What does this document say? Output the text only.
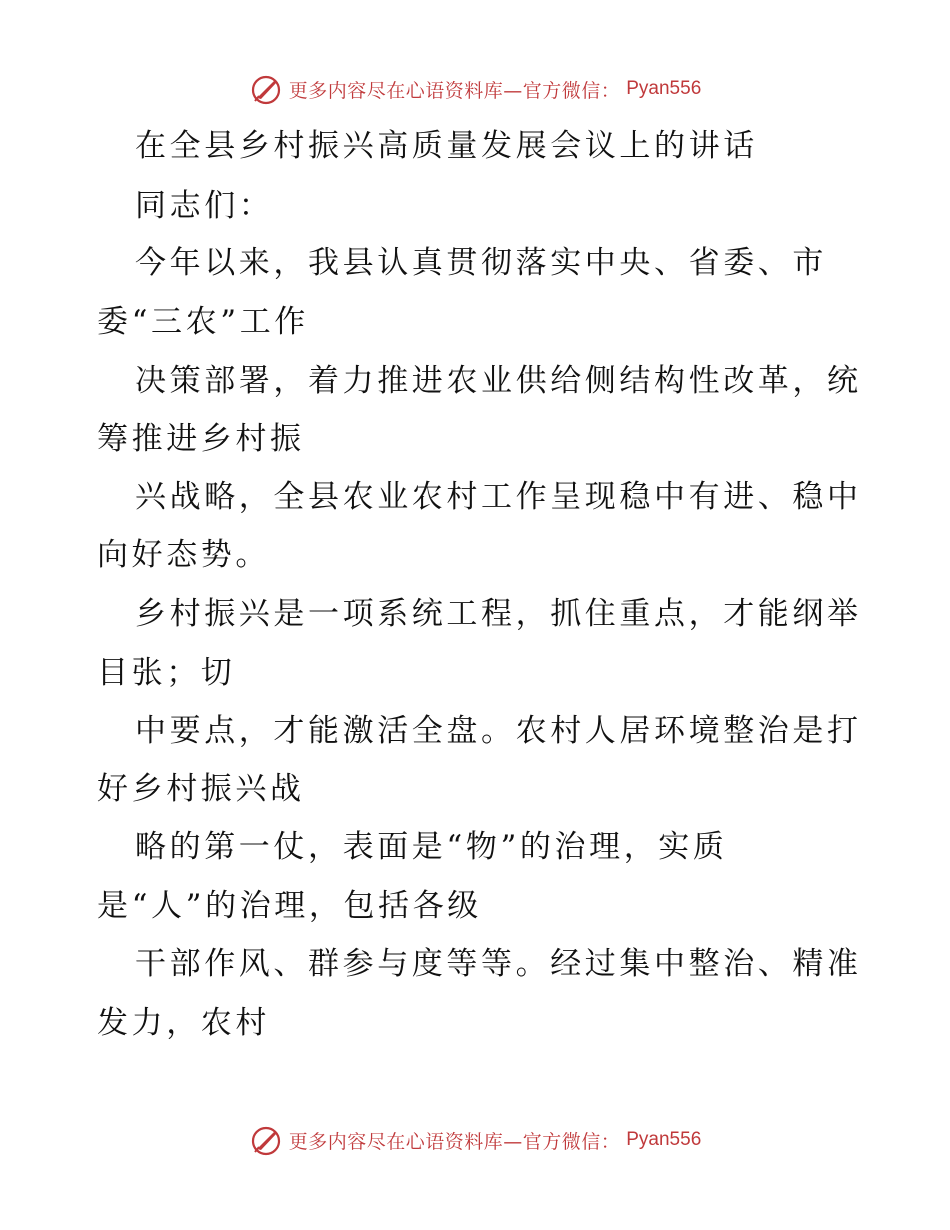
更多内容尽在心语资料库—官方微信： Pyan556
在全县乡村振兴高质量发展会议上的讲话
同志们：
今年以来，我县认真贯彻落实中央、省委、市
委“三农”工作
决策部署，着力推进农业供给侧结构性改革，统
筹推进乡村振
兴战略，全县农业农村工作呈现稳中有进、稳中
向好态势。
乡村振兴是一项系统工程，抓住重点，才能纲举
目张；切
中要点，才能激活全盘。农村人居环境整治是打
好乡村振兴战
略的第一仗，表面是“物”的治理，实质
是“人”的治理，包括各级
干部作风、群参与度等等。经过集中整治、精准
发力，农村
更多内容尽在心语资料库—官方微信： Pyan556
